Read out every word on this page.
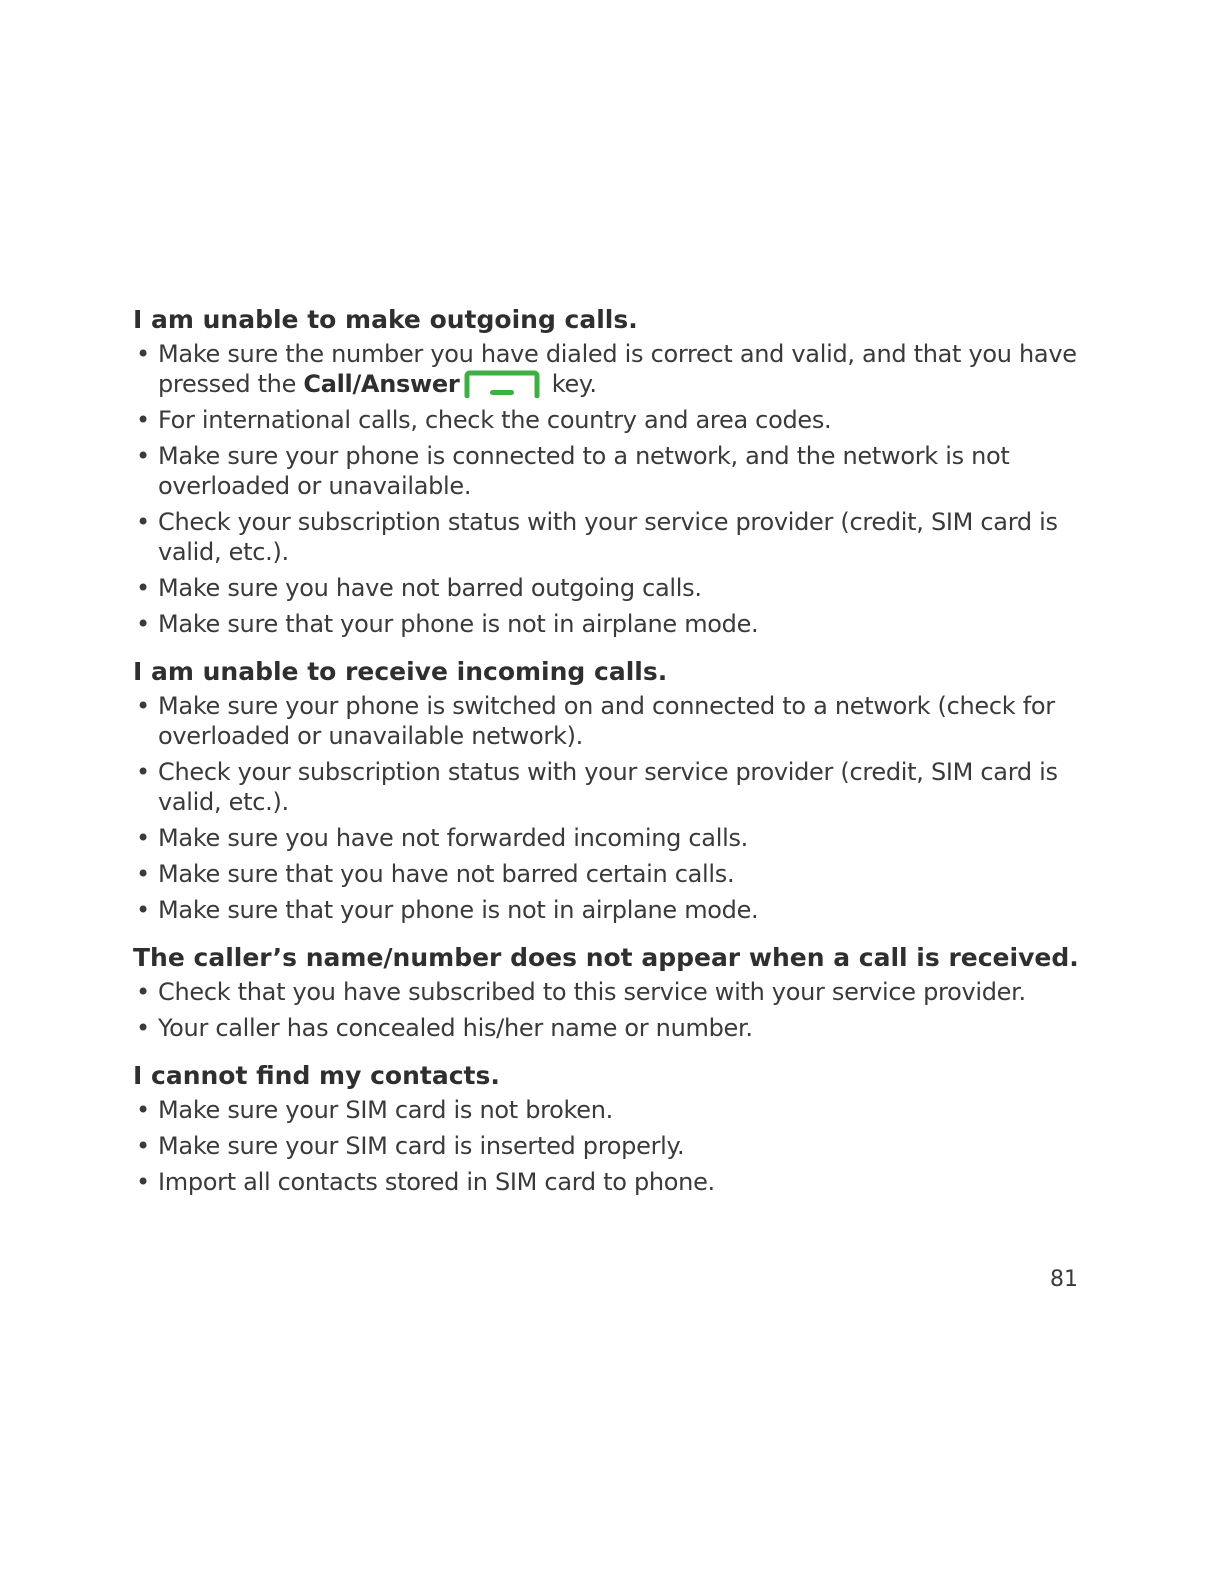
I am unable to make outgoing calls.
• Make sure the number you have dialed is correct and valid, and that you have pressed the Call/Answer	key.
• For international calls, check the country and area codes.
• Make sure your phone is connected to a network, and the network is not overloaded or unavailable.
• Check your subscription status with your service provider (credit, SIM card is valid, etc.).
• Make sure you have not barred outgoing calls.
• Make sure that your phone is not in airplane mode.
I am unable to receive incoming calls.
• Make sure your phone is switched on and connected to a network (check for overloaded or unavailable network).
• Check your subscription status with your service provider (credit, SIM card is valid, etc.).
• Make sure you have not forwarded incoming calls.
• Make sure that you have not barred certain calls.
• Make sure that your phone is not in airplane mode.
The caller’s name/number does not appear when a call is received.
• Check that you have subscribed to this service with your service provider.
• Your caller has concealed his/her name or number.
I cannot find my contacts.
• Make sure your SIM card is not broken.
• Make sure your SIM card is inserted properly.
• Import all contacts stored in SIM card to phone.
81
